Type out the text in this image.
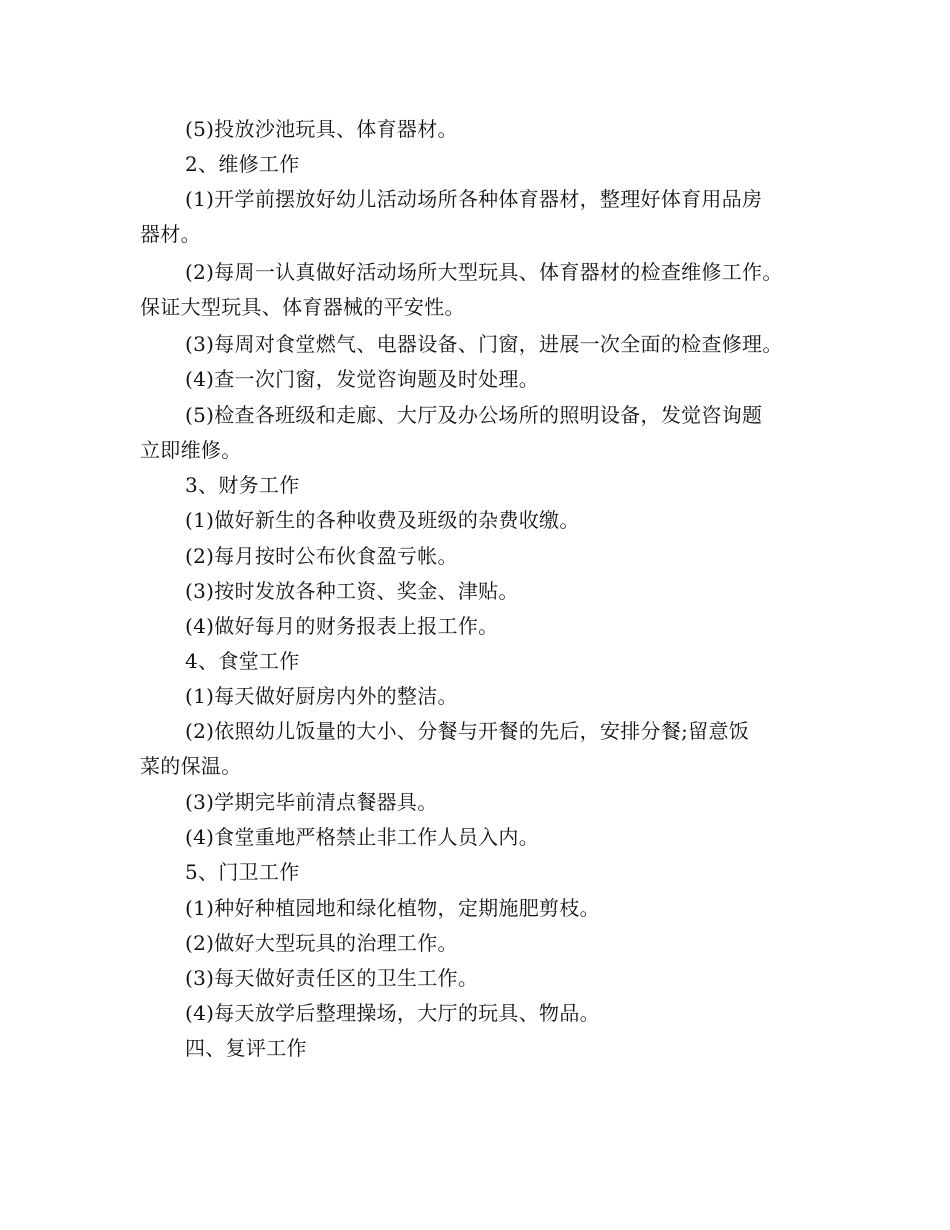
(5)投放沙池玩具、体育器材。
2、维修工作
(1)开学前摆放好幼儿活动场所各种体育器材，整理好体育用品房
器材。
(2)每周一认真做好活动场所大型玩具、体育器材的检查维修工作。
保证大型玩具、体育器械的平安性。
(3)每周对食堂燃气、电器设备、门窗，进展一次全面的检查修理。
(4)查一次门窗，发觉咨询题及时处理。
(5)检查各班级和走廊、大厅及办公场所的照明设备，发觉咨询题
立即维修。
3、财务工作
(1)做好新生的各种收费及班级的杂费收缴。
(2)每月按时公布伙食盈亏帐。
(3)按时发放各种工资、奖金、津贴。
(4)做好每月的财务报表上报工作。
4、食堂工作
(1)每天做好厨房内外的整洁。
(2)依照幼儿饭量的大小、分餐与开餐的先后，安排分餐;留意饭
菜的保温。
(3)学期完毕前清点餐器具。
(4)食堂重地严格禁止非工作人员入内。
5、门卫工作
(1)种好种植园地和绿化植物，定期施肥剪枝。
(2)做好大型玩具的治理工作。
(3)每天做好责任区的卫生工作。
(4)每天放学后整理操场，大厅的玩具、物品。
四、复评工作
